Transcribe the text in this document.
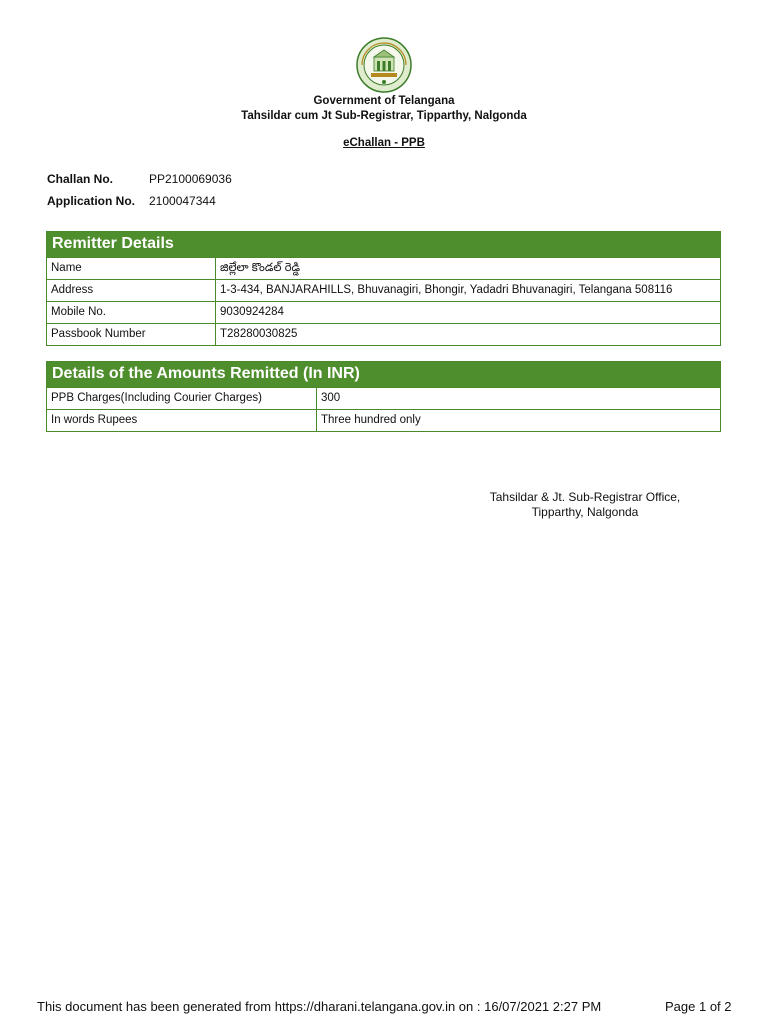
Government of Telangana
Tahsildar cum Jt Sub-Registrar, Tipparthy, Nalgonda
eChallan - PPB
Challan No.	PP2100069036
Application No. 2100047344
Remitter Details
Name	జిల్లేలా కొండల్ రెడ్డి
Address	1-3-434, BANJARAHILLS, Bhuvanagiri, Bhongir, Yadadri Bhuvanagiri, Telangana 508116
Mobile No.	9030924284
Passbook Number	T28280030825
Details of the Amounts Remitted (In INR)
PPB Charges(Including Courier Charges)	300
In words Rupees	Three hundred only
Tahsildar & Jt. Sub-Registrar Office,
Tipparthy, Nalgonda
This document has been generated from https://dharani.telangana.gov.in on : 16/07/2021 2:27 PM	Page 1 of 2
